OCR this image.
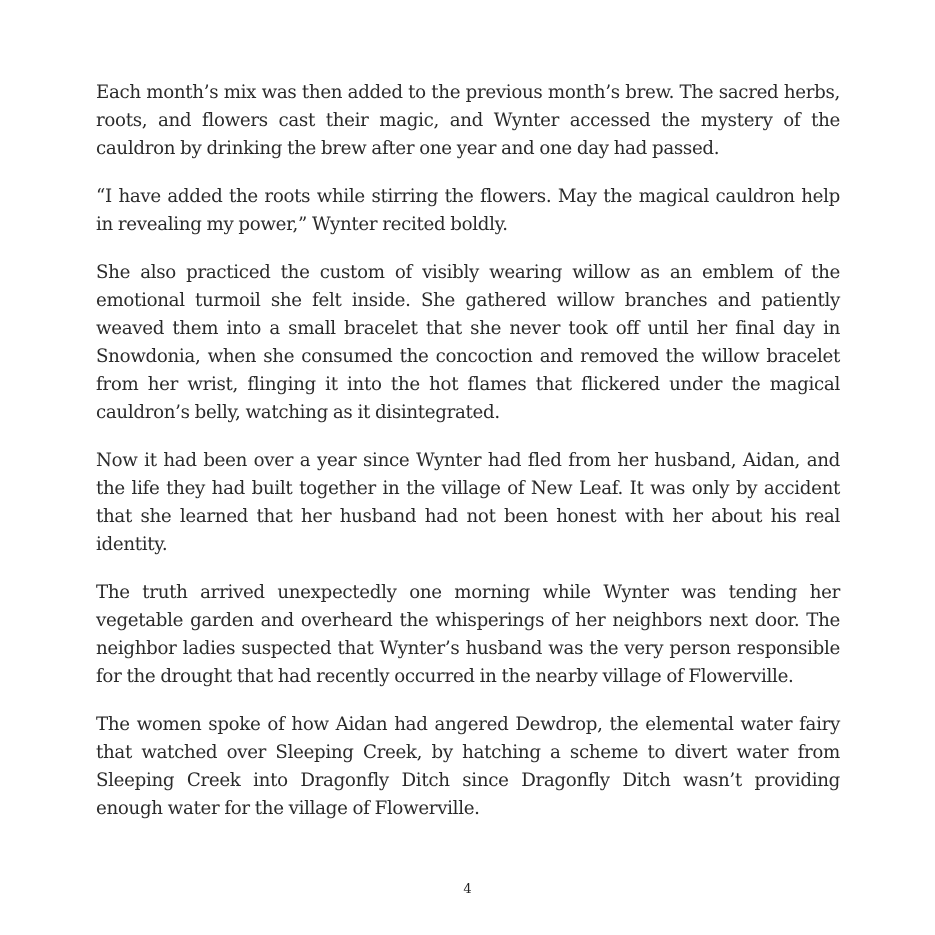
Each month’s mix was then added to the previous month’s brew. The sacred herbs, roots, and flowers cast their magic, and Wynter accessed the mystery of the cauldron by drinking the brew after one year and one day had passed.

“I have added the roots while stirring the flowers. May the magical cauldron help in revealing my power,” Wynter recited boldly.

She also practiced the custom of visibly wearing willow as an emblem of the emotional turmoil she felt inside. She gathered willow branches and patiently weaved them into a small bracelet that she never took off until her final day in Snowdonia, when she consumed the concoction and removed the willow bracelet from her wrist, flinging it into the hot flames that flickered under the magical cauldron’s belly, watching as it disintegrated.

Now it had been over a year since Wynter had fled from her husband, Aidan, and the life they had built together in the village of New Leaf. It was only by accident that she learned that her husband had not been honest with her about his real identity.

The truth arrived unexpectedly one morning while Wynter was tending her vegetable garden and overheard the whisperings of her neighbors next door. The neighbor ladies suspected that Wynter’s husband was the very person responsible for the drought that had recently occurred in the nearby village of Flowerville.

The women spoke of how Aidan had angered Dewdrop, the elemental water fairy that watched over Sleeping Creek, by hatching a scheme to divert water from Sleeping Creek into Dragonfly Ditch since Dragonfly Ditch wasn’t providing enough water for the village of Flowerville.

4
